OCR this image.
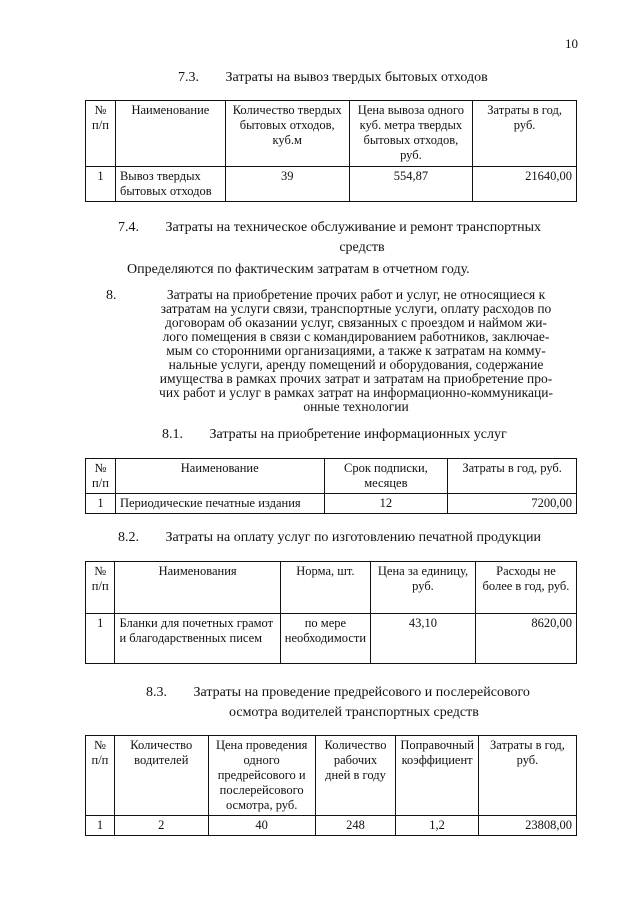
10
7.3. Затраты на вывоз твердых бытовых отходов
№ п/п	Наименование	Количество твердых бытовых отходов, куб.м	Цена вывоза одного куб. метра твердых бытовых отходов, руб.	Затраты в год, руб.
1	Вывоз твердых бытовых отходов	39	554,87	21640,00
7.4. Затраты на техническое обслуживание и ремонт транспортных
средств
Определяются по фактическим затратам в отчетном году.
8.	Затраты на приобретение прочих работ и услуг, не относящиеся к
затратам на услуги связи, транспортные услуги, оплату расходов по
договорам об оказании услуг, связанных с проездом и наймом жи-
лого помещения в связи с командированием работников, заключае-
мым со сторонними организациями, а также к затратам на комму-
нальные услуги, аренду помещений и оборудования, содержание
имущества в рамках прочих затрат и затратам на приобретение про-
чих работ и услуг в рамках затрат на информационно-коммуникаци-
онные технологии
8.1. Затраты на приобретение информационных услуг
№ п/п	Наименование	Срок подписки, месяцев	Затраты в год, руб.
1	Периодические печатные издания	12	7200,00
8.2. Затраты на оплату услуг по изготовлению печатной продукции
№ п/п	Наименования	Норма, шт.	Цена за единицу, руб.	Расходы не более в год, руб.
1	Бланки для почетных грамот и благодарственных писем	по мере необходимости	43,10	8620,00
8.3. Затраты на проведение предрейсового и послерейсового
осмотра водителей транспортных средств
№ п/п	Количество водителей	Цена проведения одного предрейсового и послерейсового осмотра, руб.	Количество рабочих дней в году	Поправочный коэффициент	Затраты в год, руб.
1	2	40	248	1,2	23808,00
